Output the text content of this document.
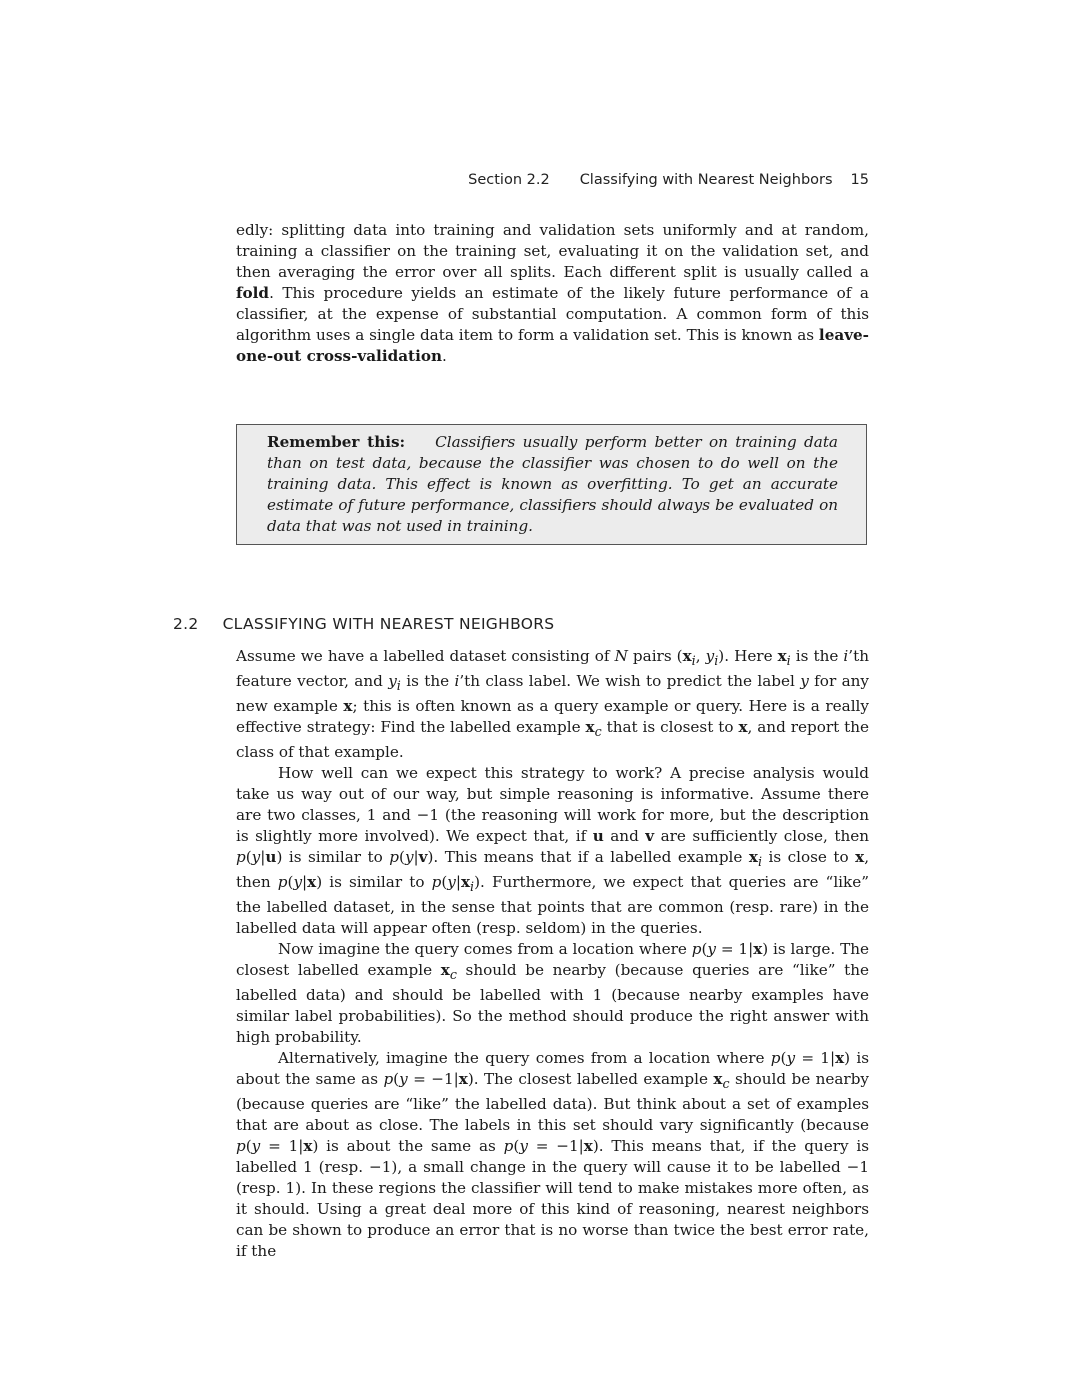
Section 2.2 Classifying with Nearest Neighbors 15

edly: splitting data into training and validation sets uniformly and at random, training a classifier on the training set, evaluating it on the validation set, and then averaging the error over all splits. Each different split is usually called a fold. This procedure yields an estimate of the likely future performance of a classifier, at the expense of substantial computation. A common form of this algorithm uses a single data item to form a validation set. This is known as leave-one-out cross-validation.

Remember this: Classifiers usually perform better on training data than on test data, because the classifier was chosen to do well on the training data. This effect is known as overfitting. To get an accurate estimate of future performance, classifiers should always be evaluated on data that was not used in training.
2.2 CLASSIFYING WITH NEAREST NEIGHBORS

Assume we have a labelled dataset consisting of N pairs ($x_i$, $y_i$). Here $x_i$ is the i’th feature vector, and $y_i$ is the i’th class label. We wish to predict the label y for any new example x; this is often known as a query example or query. Here is a really effective strategy: Find the labelled example $x_c$ that is closest to x, and report the class of that example.

How well can we expect this strategy to work? A precise analysis would take us way out of our way, but simple reasoning is informative. Assume there are two classes, 1 and −1 (the reasoning will work for more, but the description is slightly more involved). We expect that, if u and v are sufficiently close, then p(y|u) is similar to p(y|v). This means that if a labelled example $x_i$ is close to x, then p(y|x) is similar to $p(y|x_i)$. Furthermore, we expect that queries are “like” the labelled dataset, in the sense that points that are common (resp. rare) in the labelled data will appear often (resp. seldom) in the queries.

Now imagine the query comes from a location where p(y = 1|x) is large. The closest labelled example $x_c$ should be nearby (because queries are “like” the labelled data) and should be labelled with 1 (because nearby examples have similar label probabilities). So the method should produce the right answer with high probability.

Alternatively, imagine the query comes from a location where p(y = 1|x) is about the same as p(y = −1|x). The closest labelled example $x_c$ should be nearby (because queries are “like” the labelled data). But think about a set of examples that are about as close. The labels in this set should vary significantly (because p(y = 1|x) is about the same as p(y = −1|x). This means that, if the query is labelled 1 (resp. −1), a small change in the query will cause it to be labelled −1 (resp. 1). In these regions the classifier will tend to make mistakes more often, as it should. Using a great deal more of this kind of reasoning, nearest neighbors can be shown to produce an error that is no worse than twice the best error rate, if the
